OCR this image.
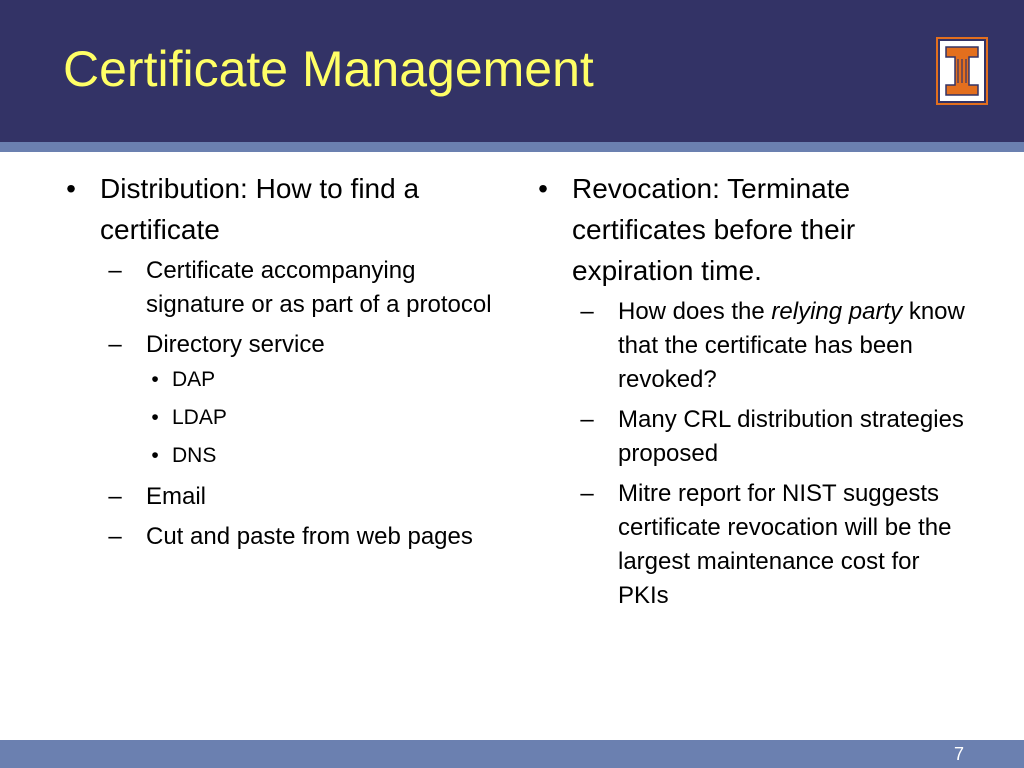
Certificate Management
• Distribution: How to find a certificate
–	Certificate accompanying signature or as part of a protocol
–	Directory service
• DAP
• LDAP
• DNS
–	Email
–	Cut and paste from web pages
• Revocation: Terminate certificates before their expiration time.
–	How does the relying party know that the certificate has been revoked?
–	Many CRL distribution strategies proposed
–	Mitre report for NIST suggests certificate revocation will be the largest maintenance cost for PKIs
7
